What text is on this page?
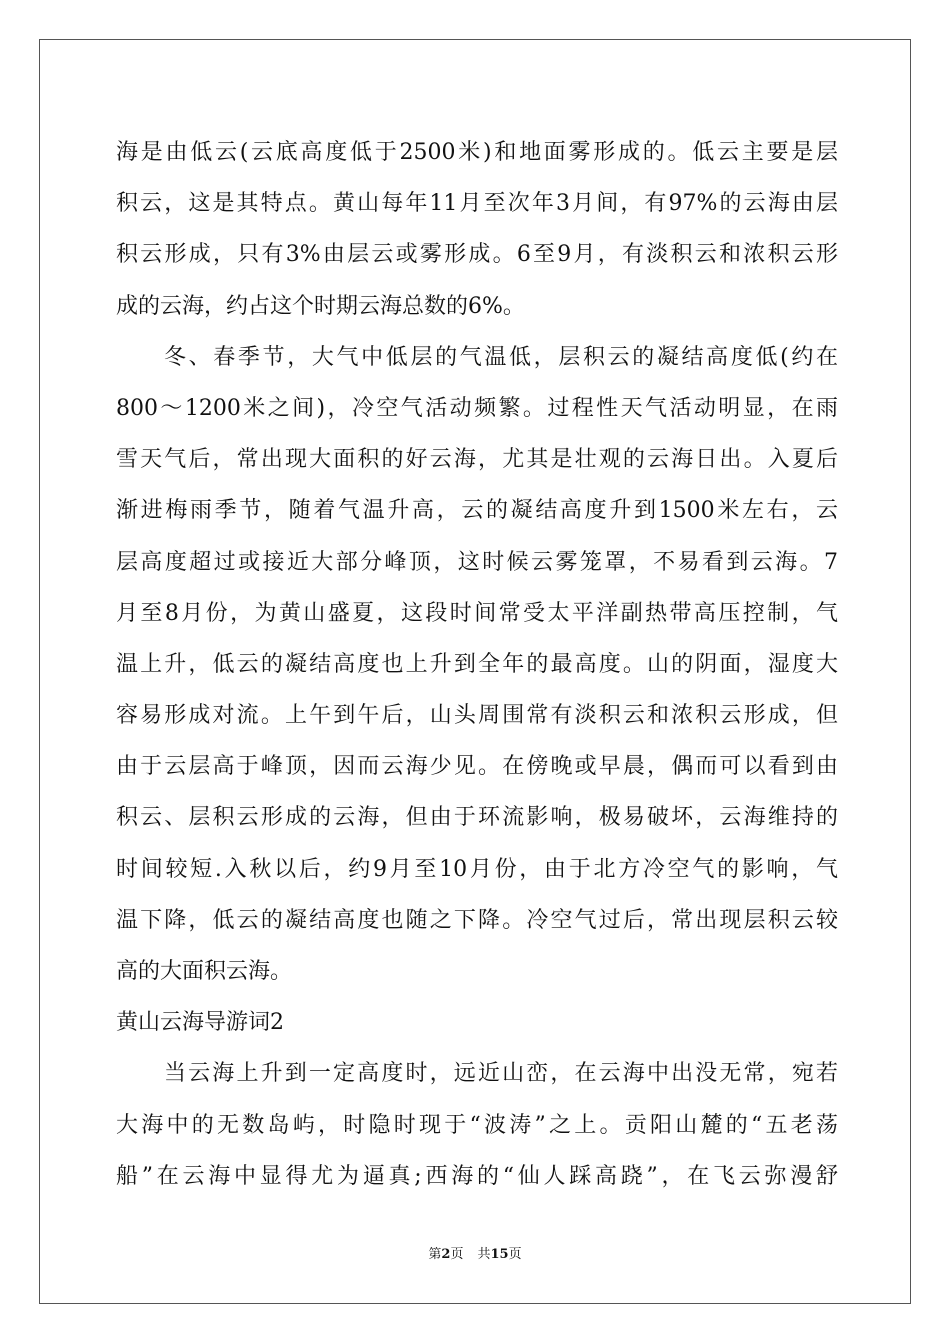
海是由低云(云底高度低于2500米)和地面雾形成的。低云主要是层
积云，这是其特点。黄山每年11月至次年3月间，有97%的云海由层
积云形成，只有3%由层云或雾形成。6至9月，有淡积云和浓积云形
成的云海，约占这个时期云海总数的6%。
冬、春季节，大气中低层的气温低，层积云的凝结高度低(约在
800～1200米之间)，冷空气活动频繁。过程性天气活动明显，在雨
雪天气后，常出现大面积的好云海，尤其是壮观的云海日出。入夏后
渐进梅雨季节，随着气温升高，云的凝结高度升到1500米左右，云
层高度超过或接近大部分峰顶，这时候云雾笼罩，不易看到云海。7
月至8月份，为黄山盛夏，这段时间常受太平洋副热带高压控制，气
温上升，低云的凝结高度也上升到全年的最高度。山的阴面，湿度大
容易形成对流。上午到午后，山头周围常有淡积云和浓积云形成，但
由于云层高于峰顶，因而云海少见。在傍晚或早晨，偶而可以看到由
积云、层积云形成的云海，但由于环流影响，极易破坏，云海维持的
时间较短.入秋以后，约9月至10月份，由于北方冷空气的影响，气
温下降，低云的凝结高度也随之下降。冷空气过后，常出现层积云较
高的大面积云海。
黄山云海导游词2
当云海上升到一定高度时，远近山峦，在云海中出没无常，宛若
大海中的无数岛屿，时隐时现于“波涛”之上。贡阳山麓的“五老荡
船”在云海中显得尤为逼真;西海的“仙人踩高跷”，在飞云弥漫舒
第2页 共15页
